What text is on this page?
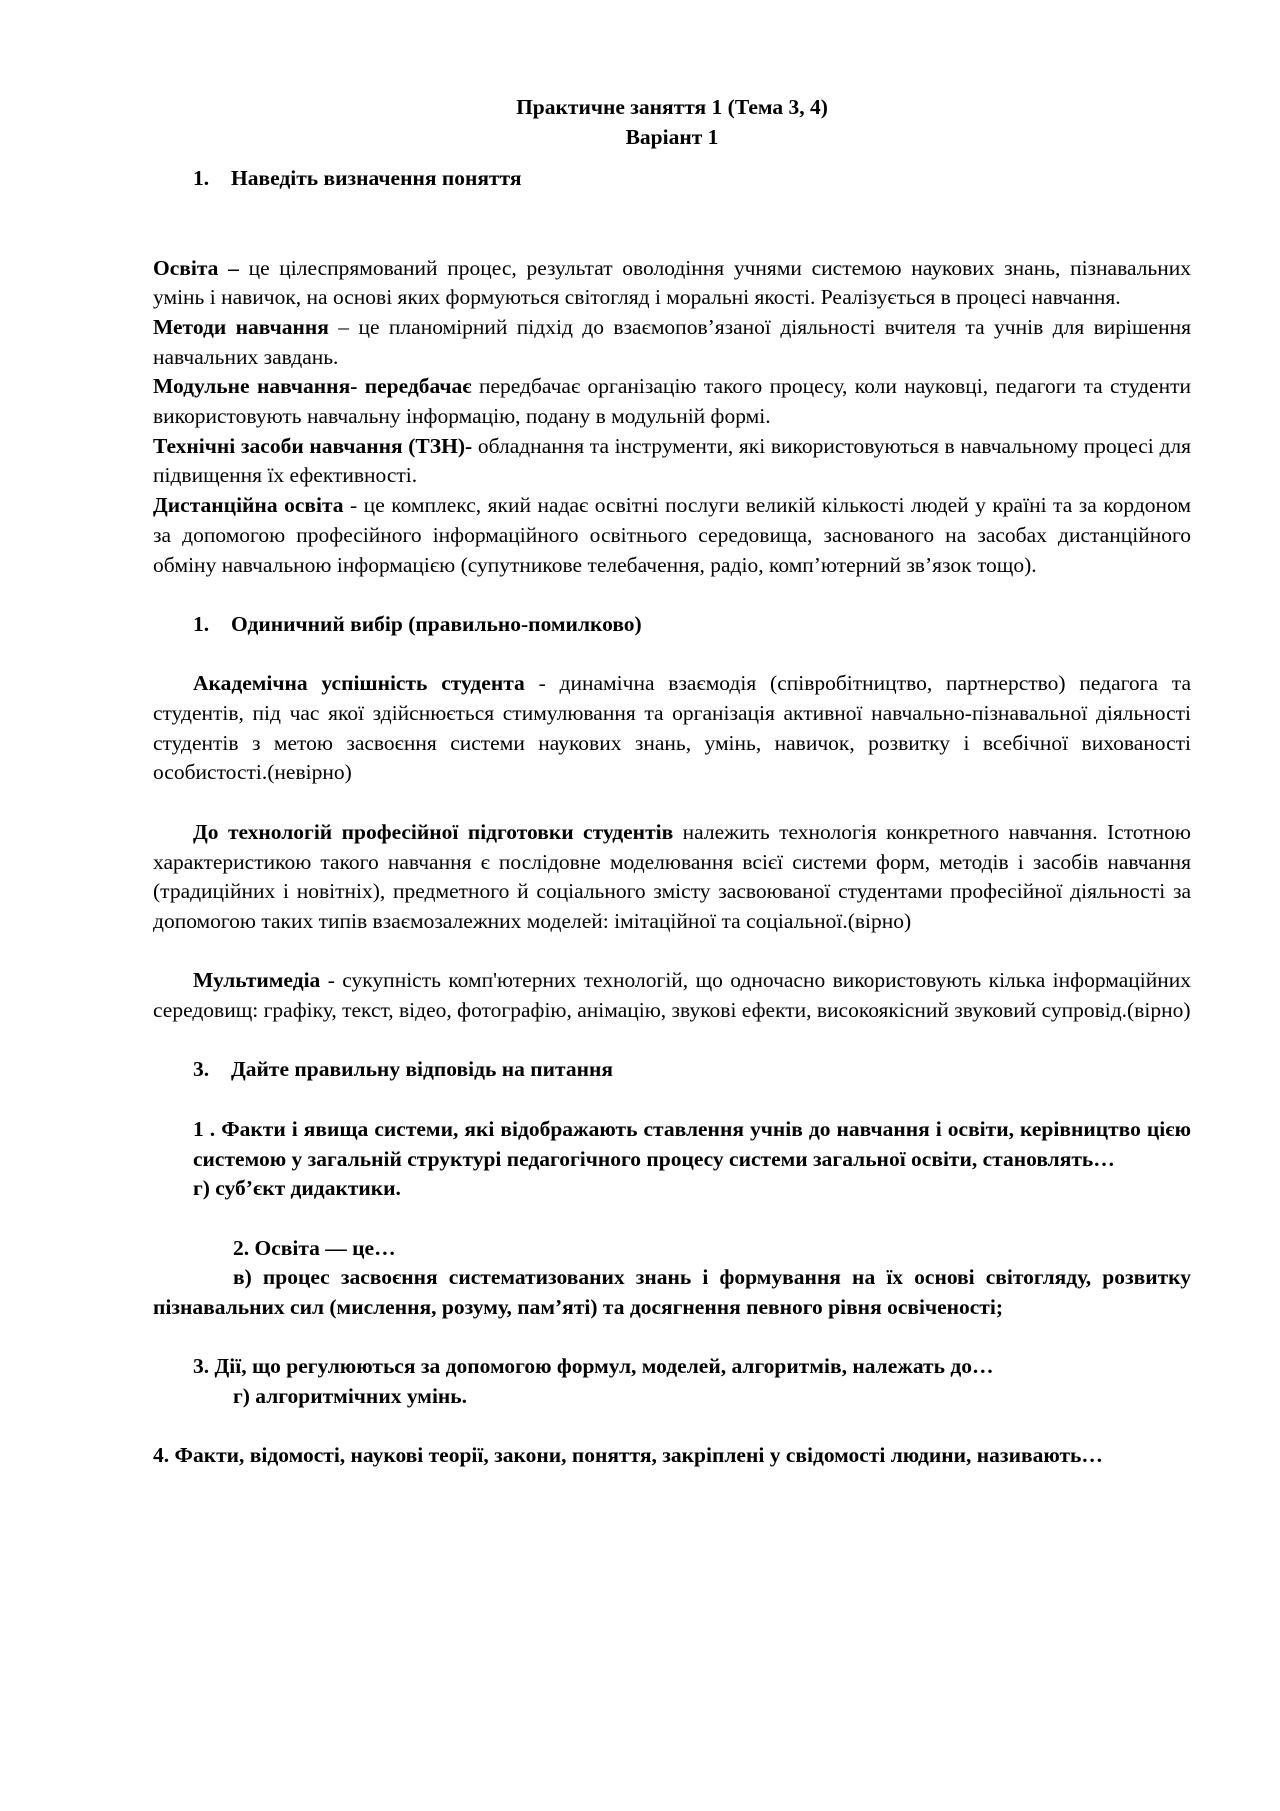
Практичне заняття 1 (Тема 3, 4)

Варіант 1

1. Наведіть визначення поняття

Освіта – це цілеспрямований процес, результат оволодіння учнями системою наукових знань, пізнавальних умінь і навичок, на основі яких формуються світогляд і моральні якості. Реалізується в процесі навчання.

Методи навчання – це планомірний підхід до взаємопов’язаної діяльності вчителя та учнів для вирішення навчальних завдань.

Модульне навчання- передбачає передбачає організацію такого процесу, коли науковці, педагоги та студенти використовують навчальну інформацію, подану в модульній формі.

Технічні засоби навчання (ТЗН)- обладнання та інструменти, які використовуються в навчальному процесі для підвищення їх ефективності.

Дистанційна освіта - це комплекс, який надає освітні послуги великій кількості людей у країні та за кордоном за допомогою професійного інформаційного освітнього середовища, заснованого на засобах дистанційного обміну навчальною інформацією (супутникове телебачення, радіо, комп’ютерний зв’язок тощо).

1. Одиничний вибір (правильно-помилково)

Академічна успішність студента - динамічна взаємодія (співробітництво, партнерство) педагога та студентів, під час якої здійснюється стимулювання та організація активної навчально-пізнавальної діяльності студентів з метою засвоєння системи наукових знань, умінь, навичок, розвитку і всебічної вихованості особистості.(невірно)

До технологій професійної підготовки студентів належить технологія конкретного навчання. Істотною характеристикою такого навчання є послідовне моделювання всієї системи форм, методів і засобів навчання (традиційних і новітніх), предметного й соціального змісту засвоюваної студентами професійної діяльності за допомогою таких типів взаємозалежних моделей: імітаційної та соціальної.(вірно)

Мультимедіа - сукупність комп'ютерних технологій, що одночасно використовують кілька інформаційних середовищ: графіку, текст, відео, фотографію, анімацію, звукові ефекти, високоякісний звуковий супровід.(вірно)

3. Дайте правильну відповідь на питання

1 . Факти і явища системи, які відображають ставлення учнів до навчання і освіти, керівництво цією системою у загальній структурі педагогічного процесу системи загальної освіти, становлять…

г) суб’єкт дидактики.

2. Освіта — це…

в) процес засвоєння систематизованих знань і формування на їх основі світогляду, розвитку пізнавальних сил (мислення, розуму, пам’яті) та досягнення певного рівня освіченості;

3. Дії, що регулюються за допомогою формул, моделей, алгоритмів, належать до…

г) алгоритмічних умінь.

4. Факти, відомості, наукові теорії, закони, поняття, закріплені у свідомості людини, називають…
